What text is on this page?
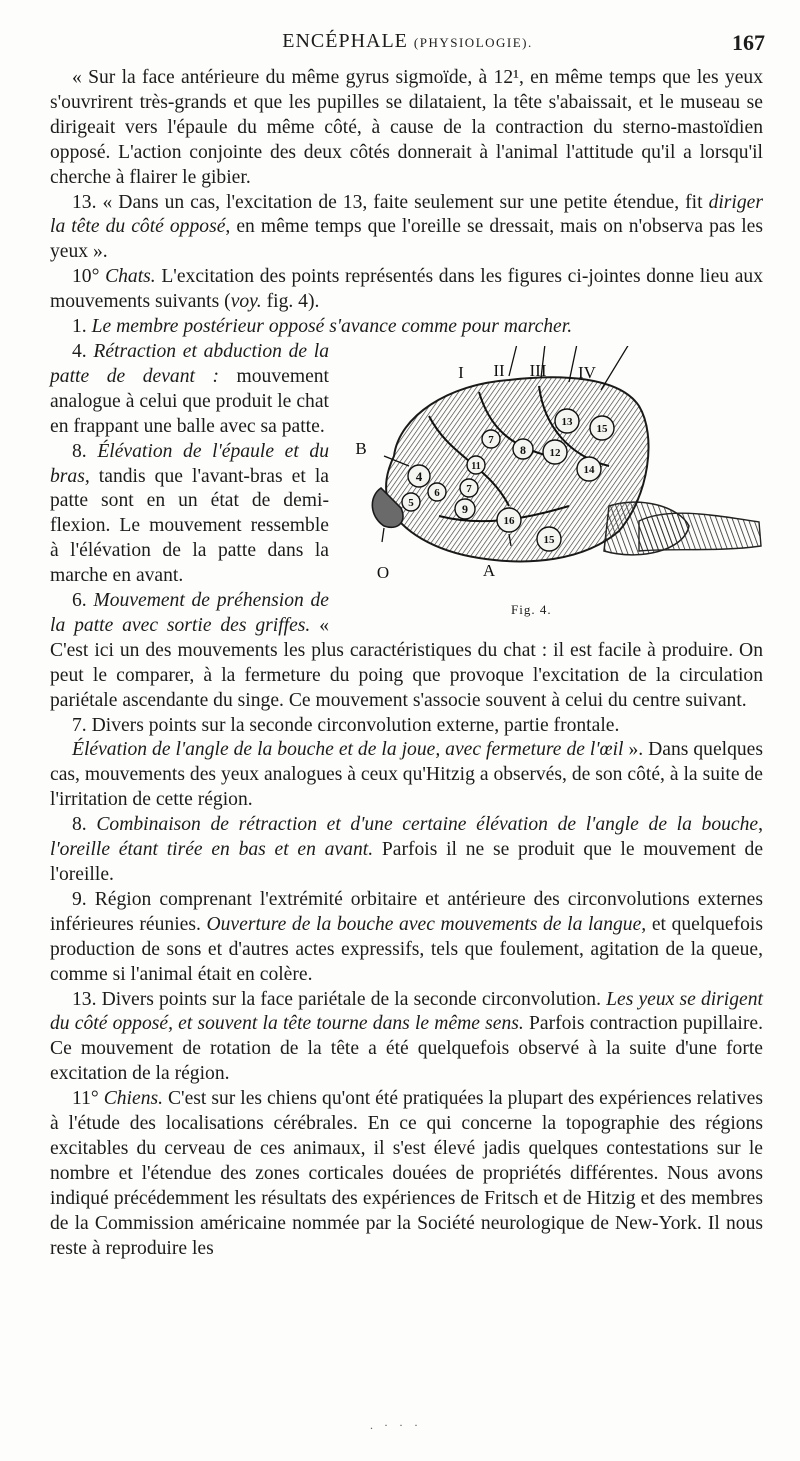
ENCÉPHALE (PHYSIOLOGIE).	167

« Sur la face antérieure du même gyrus sigmoïde, à 12¹, en même temps que les yeux s'ouvrirent très-grands et que les pupilles se dilataient, la tête s'abaissait, et le museau se dirigeait vers l'épaule du même côté, à cause de la contraction du sterno-mastoïdien opposé. L'action conjointe des deux côtés donnerait à l'animal l'attitude qu'il a lorsqu'il cherche à flairer le gibier.

13. « Dans un cas, l'excitation de 13, faite seulement sur une petite étendue, fit diriger la tête du côté opposé, en même temps que l'oreille se dressait, mais on n'observa pas les yeux ».

10° Chats. L'excitation des points représentés dans les figures ci-jointes donne lieu aux mouvements suivants (voy. fig. 4).

1. Le membre postérieur opposé s'avance comme pour marcher.

4
5
6
7
7
8
9
11
12
13
14
15
15
16
I II III IV
B
O	A
Fig. 4.

4. Rétraction et abduction de la patte de devant : mouvement analogue à celui que produit le chat en frappant une balle avec sa patte.

8. Élévation de l'épaule et du bras, tandis que l'avant-bras et la patte sont en un état de demi-flexion. Le mouvement ressemble à l'élévation de la patte dans la marche en avant.

6. Mouvement de préhension de la patte avec sortie des griffes. « C'est ici un des mouvements les plus caractéristiques du chat : il est facile à produire. On peut le comparer, à la fermeture du poing que provoque l'excitation de la circulation pariétale ascendante du singe. Ce mouvement s'associe souvent à celui du centre suivant.

7. Divers points sur la seconde circonvolution externe, partie frontale.

Élévation de l'angle de la bouche et de la joue, avec fermeture de l'œil ». Dans quelques cas, mouvements des yeux analogues à ceux qu'Hitzig a observés, de son côté, à la suite de l'irritation de cette région.

8. Combinaison de rétraction et d'une certaine élévation de l'angle de la bouche, l'oreille étant tirée en bas et en avant. Parfois il ne se produit que le mouvement de l'oreille.

9. Région comprenant l'extrémité orbitaire et antérieure des circonvolutions externes inférieures réunies. Ouverture de la bouche avec mouvements de la langue, et quelquefois production de sons et d'autres actes expressifs, tels que foulement, agitation de la queue, comme si l'animal était en colère.

13. Divers points sur la face pariétale de la seconde circonvolution. Les yeux se dirigent du côté opposé, et souvent la tête tourne dans le même sens. Parfois contraction pupillaire. Ce mouvement de rotation de la tête a été quelquefois observé à la suite d'une forte excitation de la région.

11° Chiens. C'est sur les chiens qu'ont été pratiquées la plupart des expériences relatives à l'étude des localisations cérébrales. En ce qui concerne la topographie des régions excitables du cerveau de ces animaux, il s'est élevé jadis quelques contestations sur le nombre et l'étendue des zones corticales douées de propriétés différentes. Nous avons indiqué précédemment les résultats des expériences de Fritsch et de Hitzig et des membres de la Commission américaine nommée par la Société neurologique de New-York. Il nous reste à reproduire les

. · · ·
